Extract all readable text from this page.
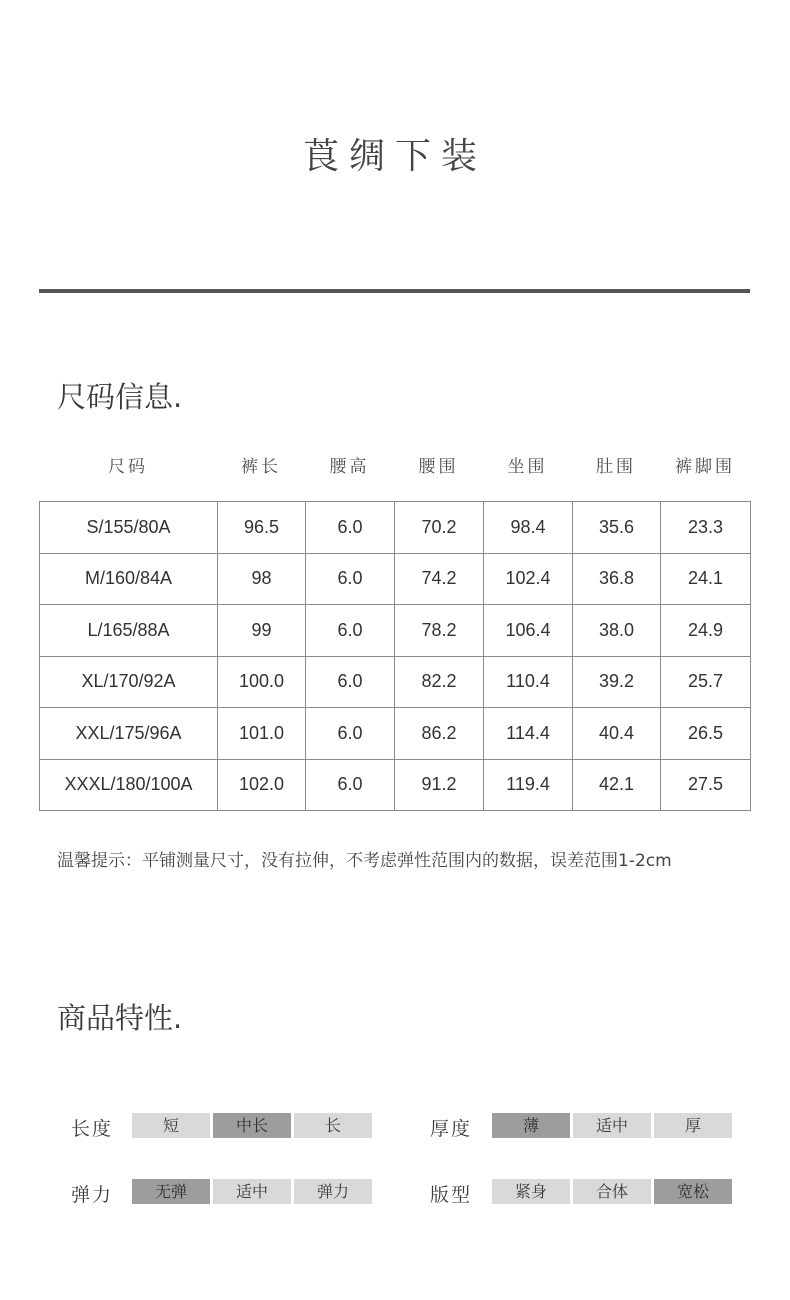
莨绸下装
尺码信息.
尺码	裤长	腰高	腰围	坐围	肚围	裤脚围
S/155/80A	96.5	6.0	70.2	98.4	35.6	23.3
M/160/84A	98	6.0	74.2	102.4	36.8	24.1
L/165/88A	99	6.0	78.2	106.4	38.0	24.9
XL/170/92A	100.0	6.0	82.2	110.4	39.2	25.7
XXL/175/96A	101.0	6.0	86.2	114.4	40.4	26.5
XXXL/180/100A	102.0	6.0	91.2	119.4	42.1	27.5

温馨提示：平铺测量尺寸，没有拉伸，不考虑弹性范围内的数据，误差范围1-2cm

商品特性.
长度	短	中长	长	厚度	薄	适中	厚
弹力	无弹	适中	弹力	版型	紧身	合体	宽松
